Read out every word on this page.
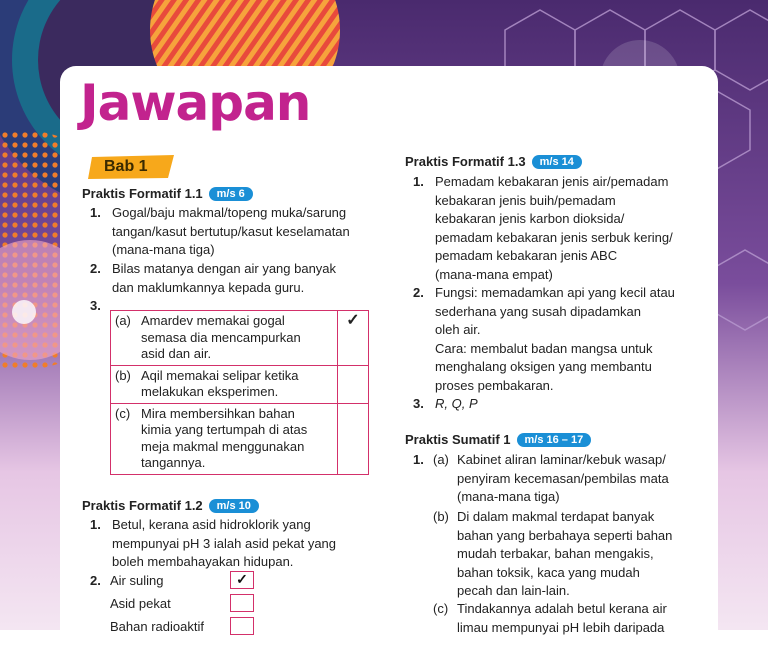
Jawapan
Bab 1
Praktis Formatif 1.1 m/s 6
1. Gogal/baju makmal/topeng muka/sarung
tangan/kasut bertutup/kasut keselamatan
(mana-mana tiga)
2. Bilas matanya dengan air yang banyak
dan maklumkannya kepada guru.
3.
(a)	Amardev memakai gogal
semasa dia mencampurkan
asid dan air.	✓
(b)	Aqil memakai selipar ketika
melakukan eksperimen.	

(c)	Mira membersihkan bahan
kimia yang tertumpah di atas
meja makmal menggunakan
tangannya.	

Praktis Formatif 1.2 m/s 10
1. Betul, kerana asid hidroklorik yang
mempunyai pH 3 ialah asid pekat yang
boleh membahayakan hidupan.
2. Air suling	✓
Asid pekat
Bahan radioaktif
Praktis Formatif 1.3 m/s 14
1. Pemadam kebakaran jenis air/pemadam
kebakaran jenis buih/pemadam
kebakaran jenis karbon dioksida/
pemadam kebakaran jenis serbuk kering/
pemadam kebakaran jenis ABC
(mana-mana empat)
2. Fungsi: memadamkan api yang kecil atau
sederhana yang susah dipadamkan
oleh air.
Cara: membalut badan mangsa untuk
menghalang oksigen yang membantu
proses pembakaran.
3. R, Q, P
Praktis Sumatif 1 m/s 16 – 17
1. (a) Kabinet aliran laminar/kebuk wasap/
penyiram kecemasan/pembilas mata
(mana-mana tiga)
(b) Di dalam makmal terdapat banyak
bahan yang berbahaya seperti bahan
mudah terbakar, bahan mengakis,
bahan toksik, kaca yang mudah
pecah dan lain-lain.
(c) Tindakannya adalah betul kerana air
limau mempunyai pH lebih daripada
